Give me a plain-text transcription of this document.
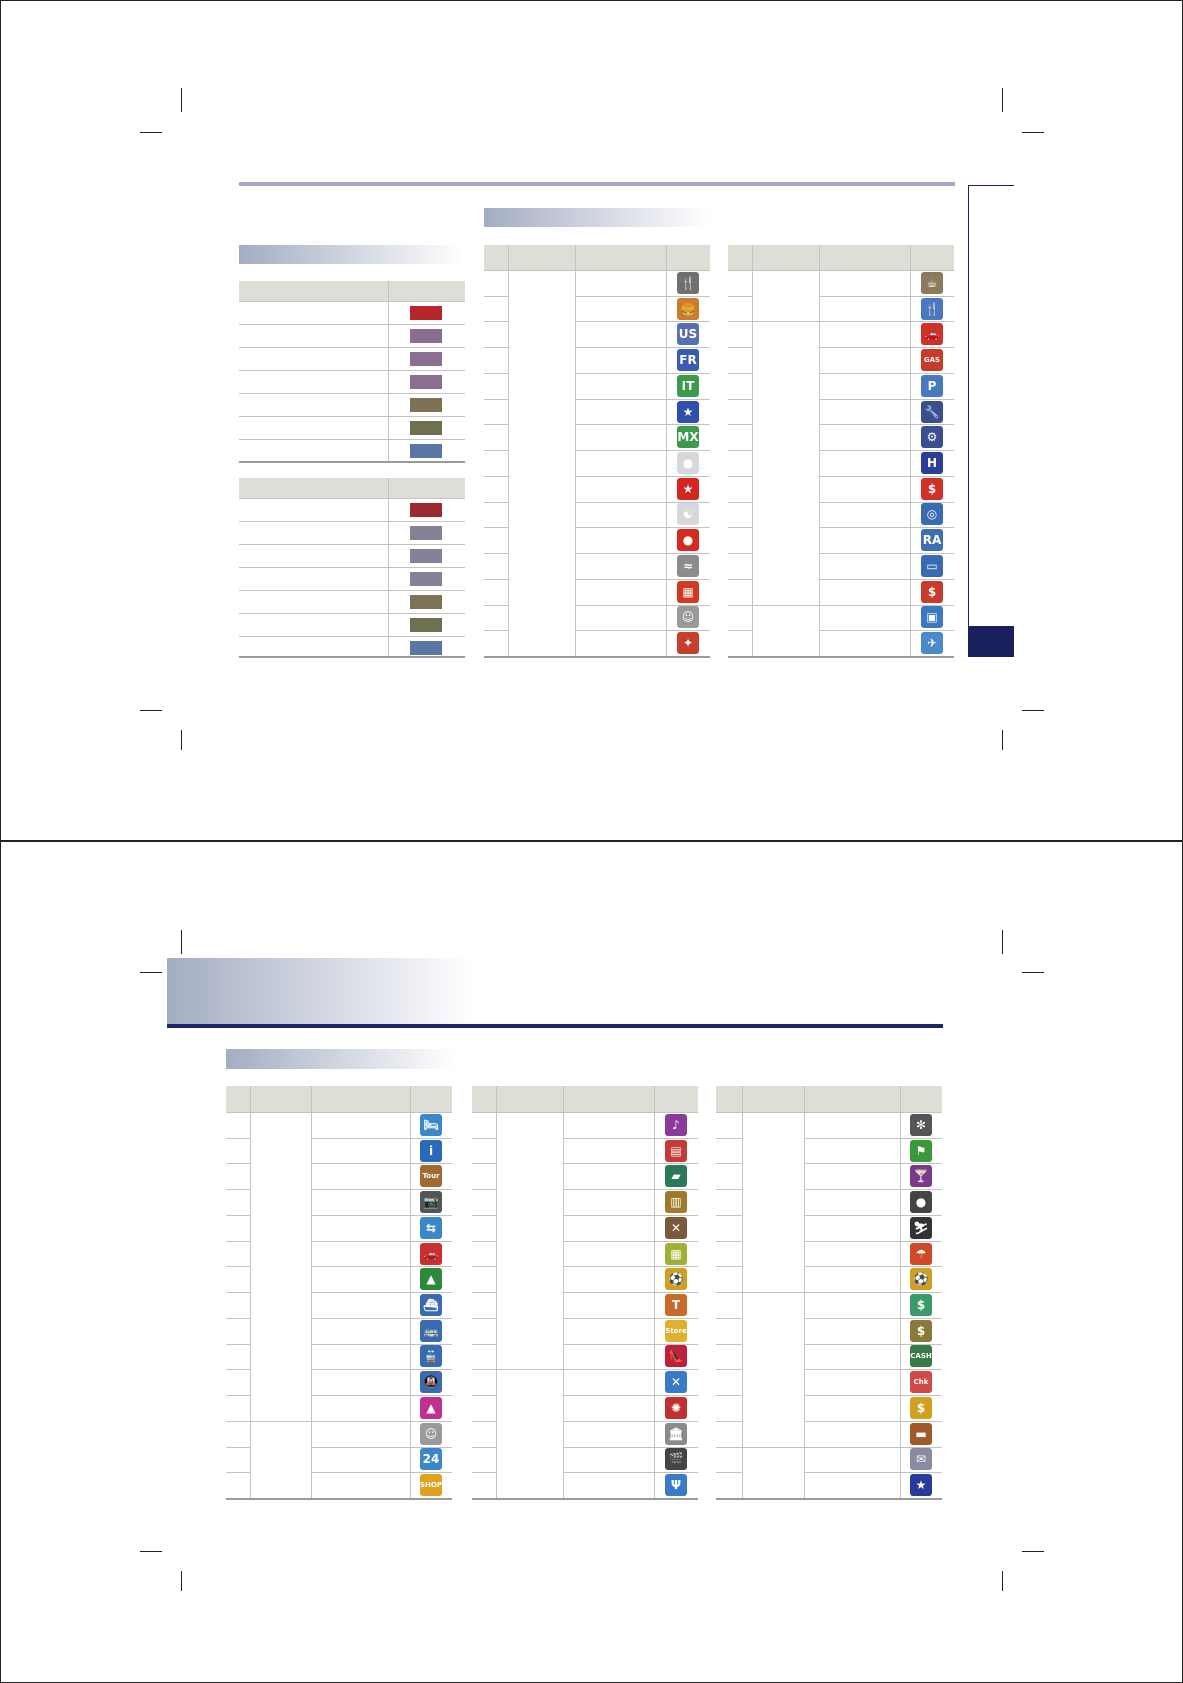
🍴
🍔
US
FR
IT
★
MX
●
★
☯
●
≈
▦
☺
✦
☕
🍴
🚗
GAS
P
🔧
⚙
H
$
◎
RA
▭
$
▣
✈
🛏
i
Tour
📷
⇆
🚗
▲
⛴
🚌
🚆
🚇
▲
☺
24
SHOP
♪
▤
▰
▥
✕
▦
⚽
T
Store
👠
✕
✺
🏛
🎬
Ψ
✻
⚑
🍸
●
⛷
☂
⚽
$
$
CASH
Chk
$
▬
✉
★
